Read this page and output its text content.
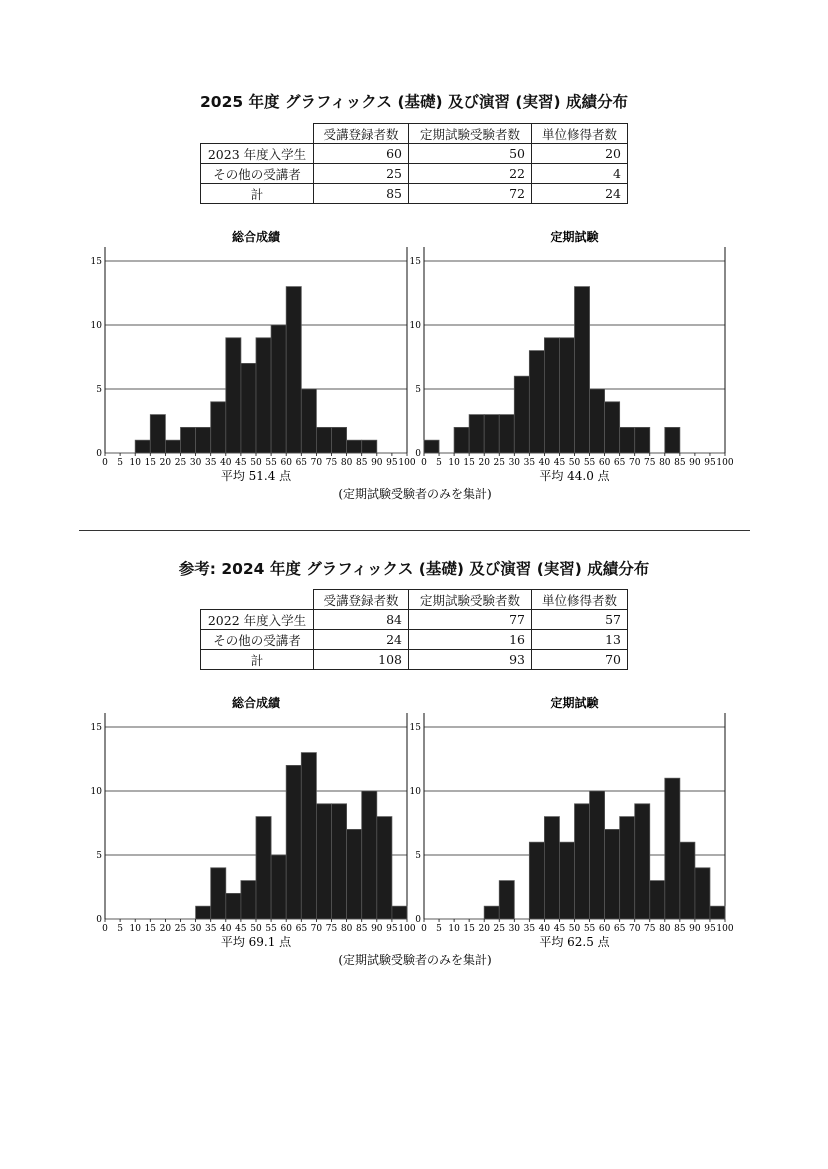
2025 年度 グラフィックス (基礎) 及び演習 (実習) 成績分布
	受講登録者数	定期試験受験者数	単位修得者数
2023 年度入学生	60	50	20
その他の受講者	25	22	4
計	85	72	24
総合成績
0
5
10
15
0 5 10 15 20 25 30 35 40 45 50 55 60 65 70 75 80 85 90 95 100
平均 51.4 点
定期試験
0
5
10
15
0 5 10 15 20 25 30 35 40 45 50 55 60 65 70 75 80 85 90 95 100
平均 44.0 点
(定期試験受験者のみを集計)
参考: 2024 年度 グラフィックス (基礎) 及び演習 (実習) 成績分布
	受講登録者数	定期試験受験者数	単位修得者数
2022 年度入学生	84	77	57
その他の受講者	24	16	13
計	108	93	70
総合成績
0
5
10
15
0 5 10 15 20 25 30 35 40 45 50 55 60 65 70 75 80 85 90 95 100
平均 69.1 点
定期試験
0
5
10
15
0 5 10 15 20 25 30 35 40 45 50 55 60 65 70 75 80 85 90 95 100
平均 62.5 点
(定期試験受験者のみを集計)
